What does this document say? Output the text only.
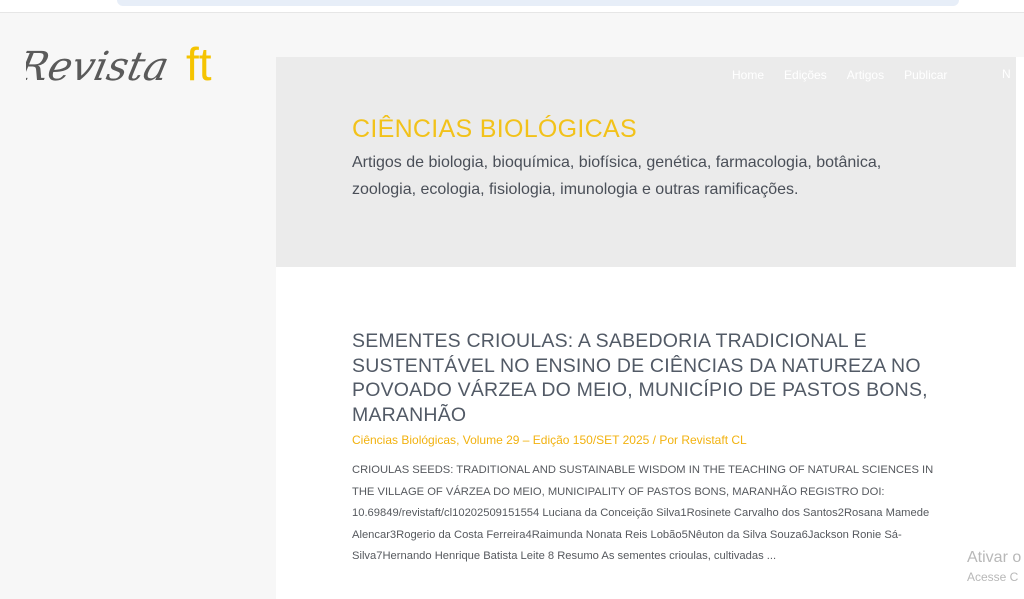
Revista ft	Home	Edições	Artigos	Publicar	N
CIÊNCIAS BIOLÓGICAS

Artigos de biologia, bioquímica, biofísica, genética, farmacologia, botânica, zoologia, ecologia, fisiologia, imunologia e outras ramificações.

SEMENTES CRIOULAS: A SABEDORIA TRADICIONAL E SUSTENTÁVEL NO ENSINO DE CIÊNCIAS DA NATUREZA NO POVOADO VÁRZEA DO MEIO, MUNICÍPIO DE PASTOS BONS, MARANHÃO

Ciências Biológicas, Volume 29 – Edição 150/SET 2025 / Por Revistaft CL

CRIOULAS SEEDS: TRADITIONAL AND SUSTAINABLE WISDOM IN THE TEACHING OF NATURAL SCIENCES IN THE VILLAGE OF VÁRZEA DO MEIO, MUNICIPALITY OF PASTOS BONS, MARANHÃO REGISTRO DOI: 10.69849/revistaft/cl10202509151554 Luciana da Conceição Silva1Rosinete Carvalho dos Santos2Rosana Mamede Alencar3Rogerio da Costa Ferreira4Raimunda Nonata Reis Lobão5Nêuton da Silva Souza6Jackson Ronie Sá-Silva7Hernando Henrique Batista Leite 8 Resumo As sementes crioulas, cultivadas ...	Ativar o
Acesse C
